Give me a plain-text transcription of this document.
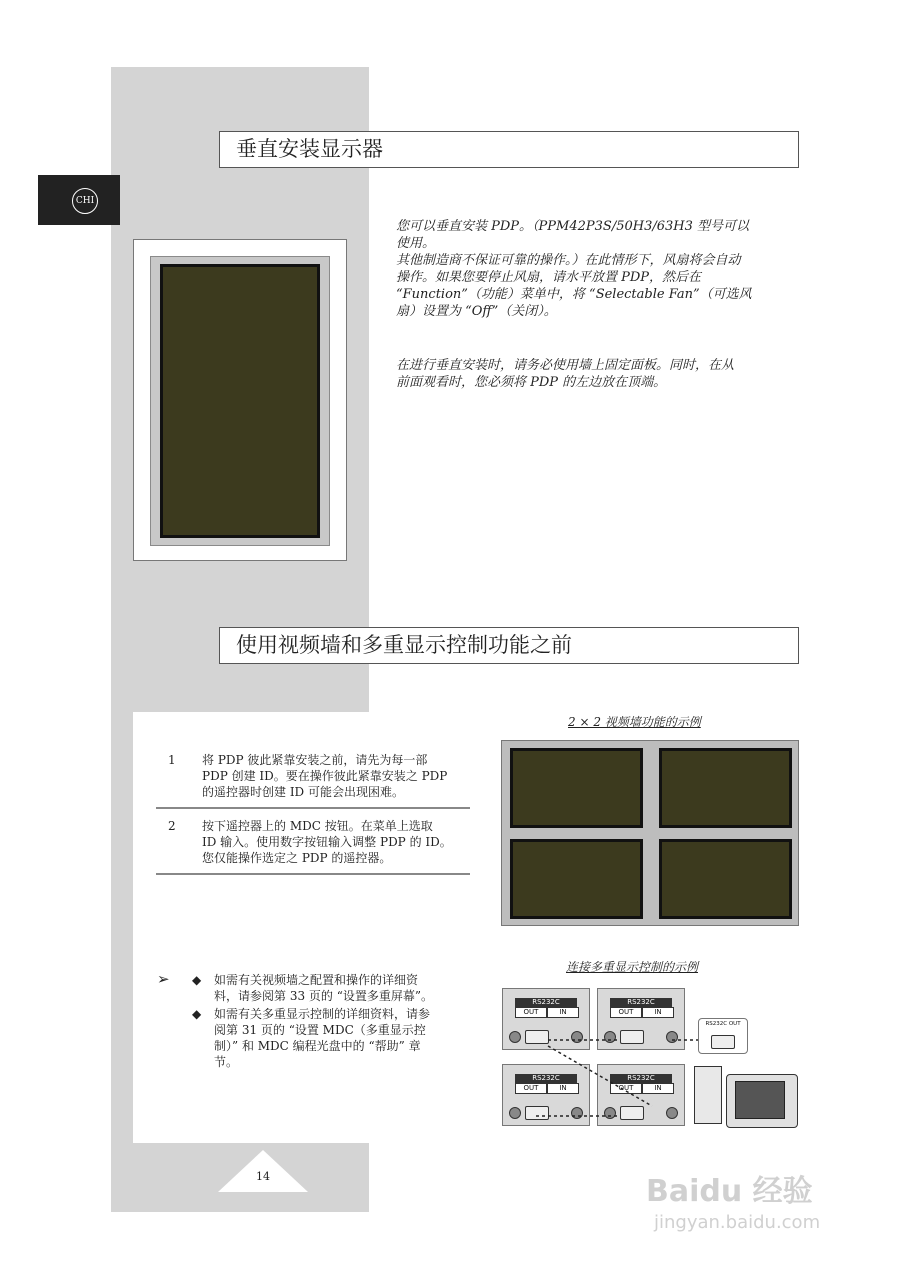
CHI
垂直安装显示器
您可以垂直安装 PDP。（PPM42P3S/50H3/63H3 型号可以
使用。
其他制造商不保证可靠的操作。）在此情形下，风扇将会自动
操作。如果您要停止风扇，请水平放置 PDP，然后在
“Function”（功能）菜单中，将 “Selectable Fan”（可选风
扇）设置为 “Off”（关闭）。
在进行垂直安装时，请务必使用墙上固定面板。同时，在从
前面观看时，您必须将 PDP 的左边放在顶端。
使用视频墙和多重显示控制功能之前
1 将 PDP 彼此紧靠安装之前，请先为每一部
PDP 创建 ID。要在操作彼此紧靠安装之 PDP
的遥控器时创建 ID 可能会出现困难。
2 按下遥控器上的 MDC 按钮。在菜单上选取
ID 输入。使用数字按钮输入调整 PDP 的 ID。
您仅能操作选定之 PDP 的遥控器。
2 × 2 视频墙功能的示例
➢ ◆ 如需有关视频墙之配置和操作的详细资
料，请参阅第 33 页的 “设置多重屏幕”。
◆ 如需有关多重显示控制的详细资料，请参
阅第 31 页的 “设置 MDC（多重显示控
制）” 和 MDC 编程光盘中的 “帮助” 章
节。
连接多重显示控制的示例
RS232C
OUT	IN
RS232C
OUT	IN
RS232C
OUT	IN
RS232C
OUT	IN
RS232C OUT
14	Baidu 经验
jingyan.baidu.com
